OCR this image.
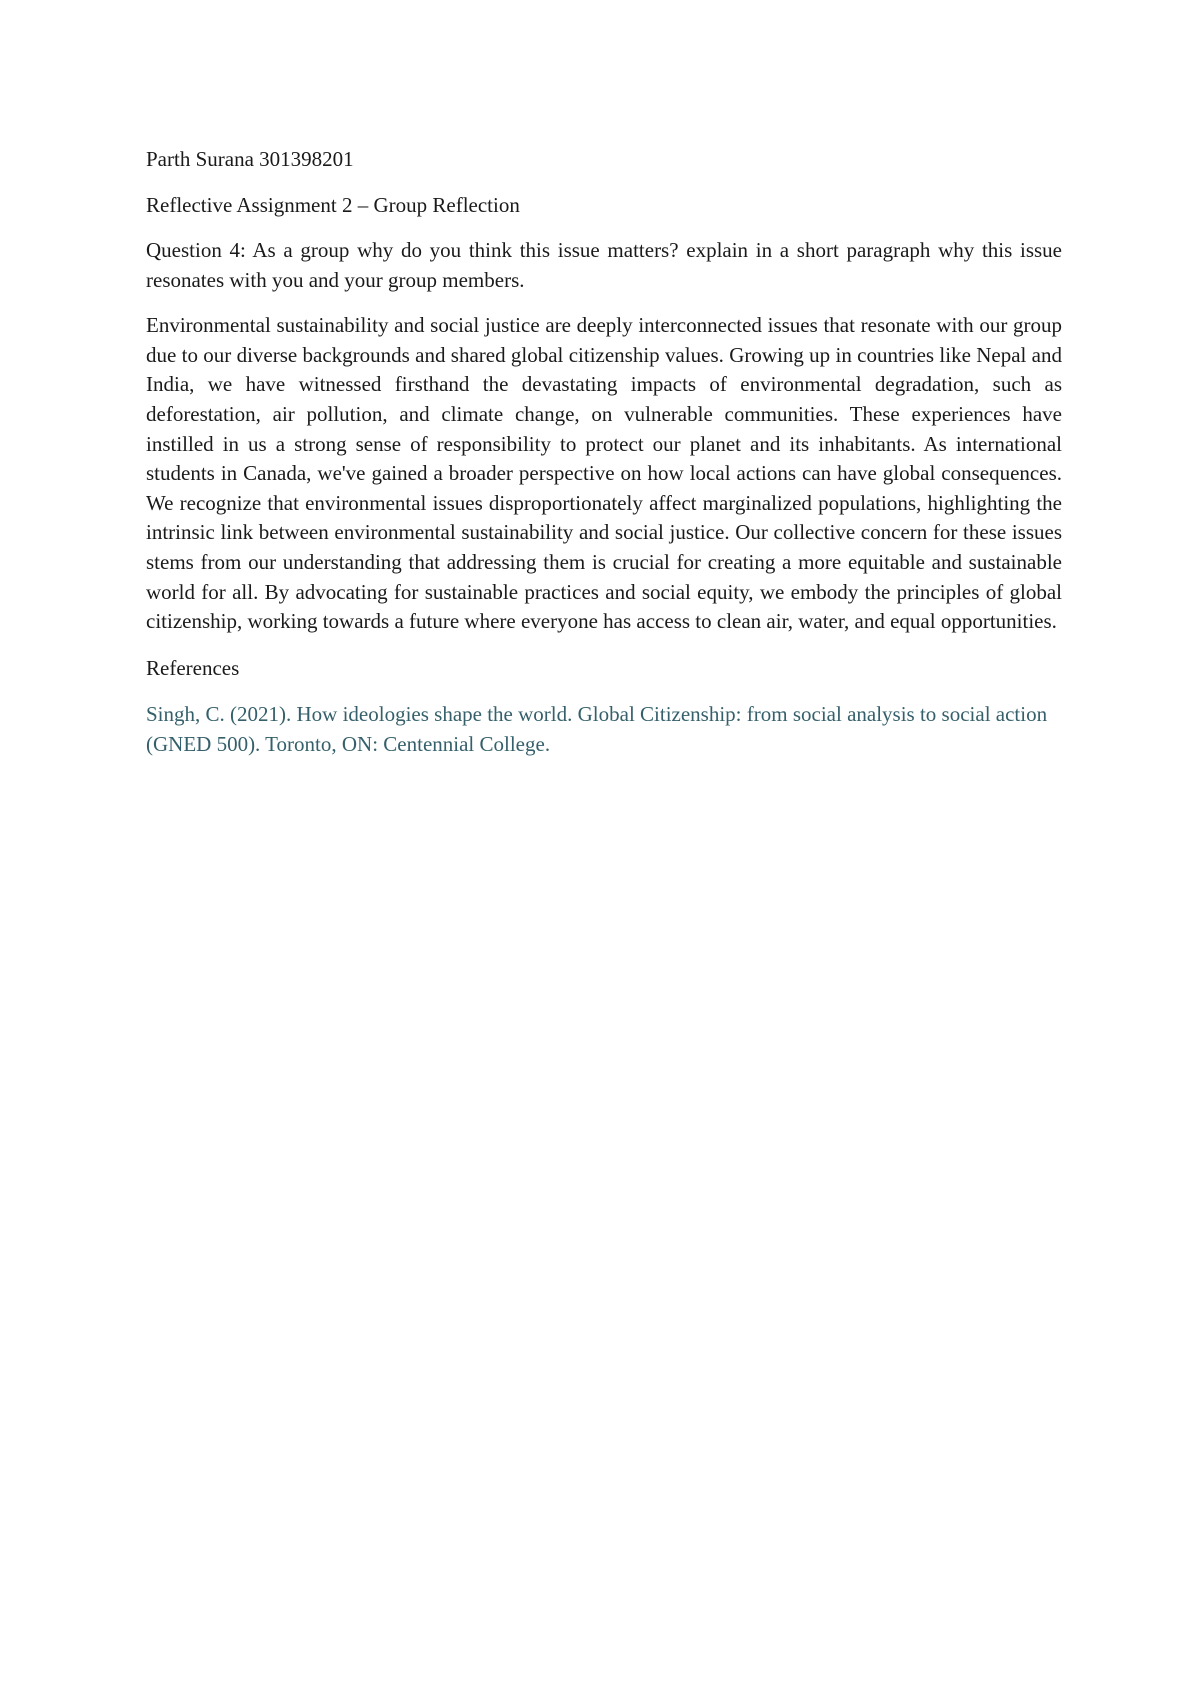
Parth Surana 301398201

Reflective Assignment 2 – Group Reflection

Question 4: As a group why do you think this issue matters? explain in a short paragraph why this issue resonates with you and your group members.

Environmental sustainability and social justice are deeply interconnected issues that resonate with our group due to our diverse backgrounds and shared global citizenship values. Growing up in countries like Nepal and India, we have witnessed firsthand the devastating impacts of environmental degradation, such as deforestation, air pollution, and climate change, on vulnerable communities. These experiences have instilled in us a strong sense of responsibility to protect our planet and its inhabitants. As international students in Canada, we've gained a broader perspective on how local actions can have global consequences. We recognize that environmental issues disproportionately affect marginalized populations, highlighting the intrinsic link between environmental sustainability and social justice. Our collective concern for these issues stems from our understanding that addressing them is crucial for creating a more equitable and sustainable world for all. By advocating for sustainable practices and social equity, we embody the principles of global citizenship, working towards a future where everyone has access to clean air, water, and equal opportunities.

References

Singh, C. (2021). How ideologies shape the world. Global Citizenship: from social analysis to social action (GNED 500). Toronto, ON: Centennial College.
